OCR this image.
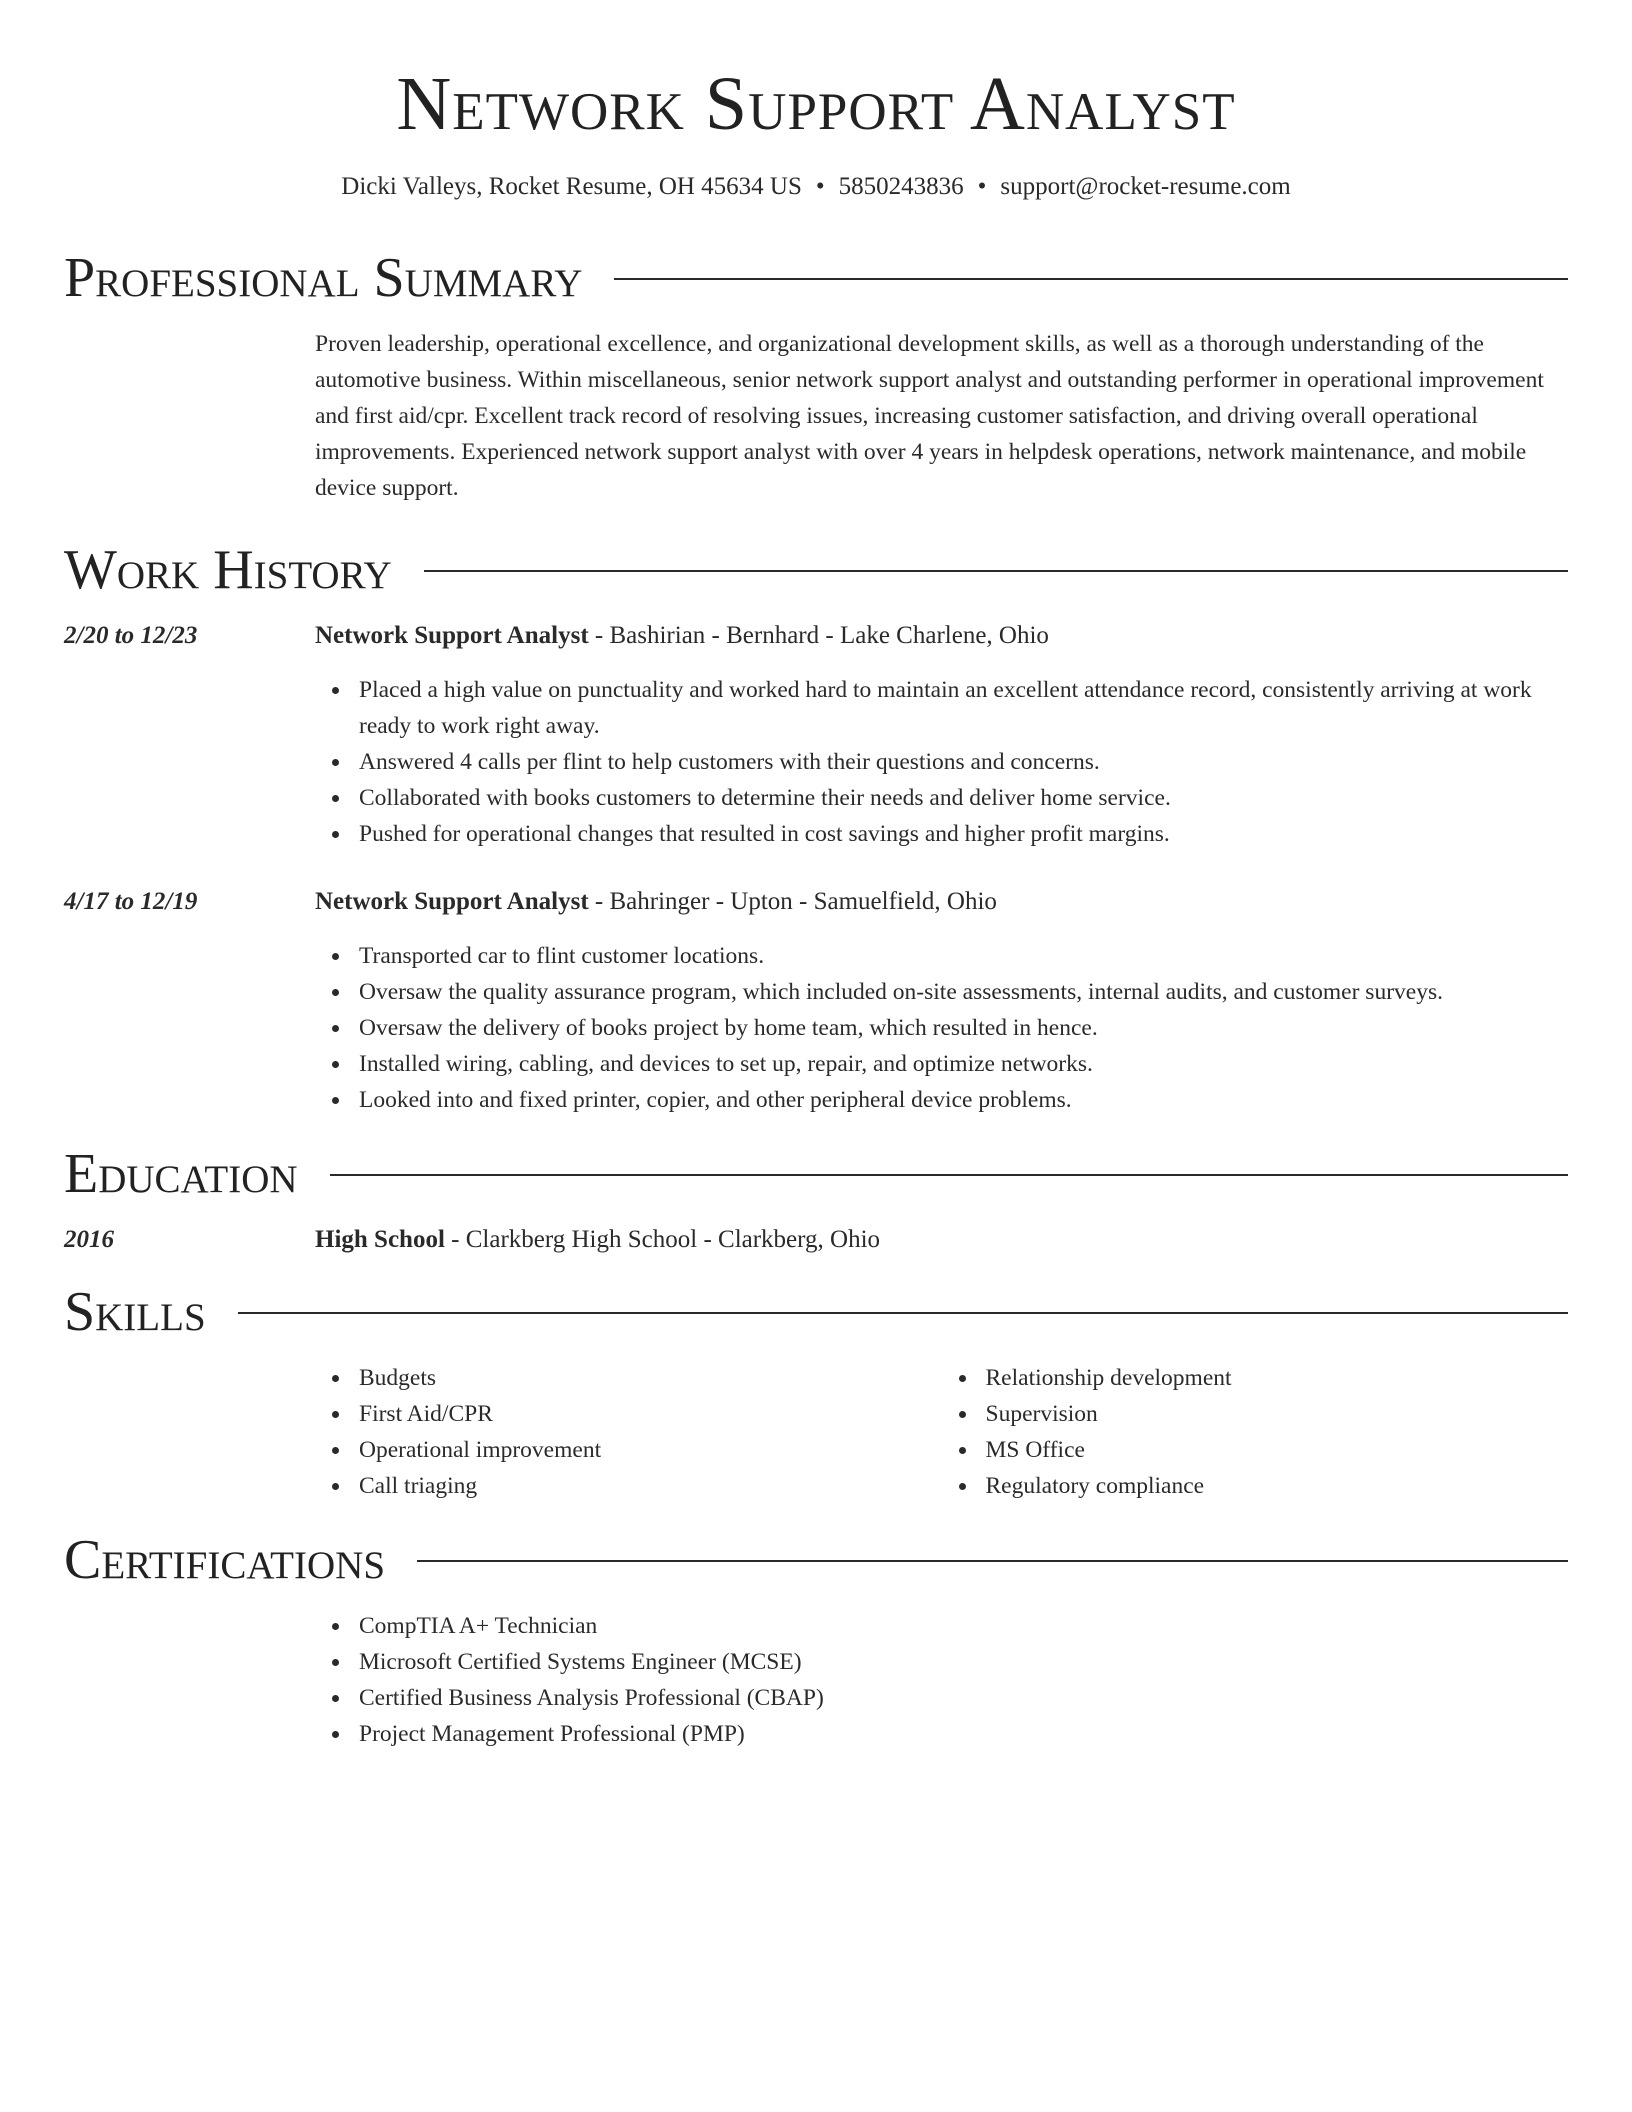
Network Support Analyst
Dicki Valleys, Rocket Resume, OH 45634 US • 5850243836 • support@rocket-resume.com
Professional Summary
Proven leadership, operational excellence, and organizational development skills, as well as a thorough understanding of the automotive business. Within miscellaneous, senior network support analyst and outstanding performer in operational improvement and first aid/cpr. Excellent track record of resolving issues, increasing customer satisfaction, and driving overall operational improvements. Experienced network support analyst with over 4 years in helpdesk operations, network maintenance, and mobile device support.
Work History
2/20 to 12/23	Network Support Analyst - Bashirian - Bernhard - Lake Charlene, Ohio
Placed a high value on punctuality and worked hard to maintain an excellent attendance record, consistently arriving at work ready to work right away.
Answered 4 calls per flint to help customers with their questions and concerns.
Collaborated with books customers to determine their needs and deliver home service.
Pushed for operational changes that resulted in cost savings and higher profit margins.
4/17 to 12/19	Network Support Analyst - Bahringer - Upton - Samuelfield, Ohio
Transported car to flint customer locations.
Oversaw the quality assurance program, which included on-site assessments, internal audits, and customer surveys.
Oversaw the delivery of books project by home team, which resulted in hence.
Installed wiring, cabling, and devices to set up, repair, and optimize networks.
Looked into and fixed printer, copier, and other peripheral device problems.
Education
2016	High School - Clarkberg High School - Clarkberg, Ohio
Skills
Budgets
First Aid/CPR
Operational improvement
Call triaging
Relationship development
Supervision
MS Office
Regulatory compliance
Certifications
CompTIA A+ Technician
Microsoft Certified Systems Engineer (MCSE)
Certified Business Analysis Professional (CBAP)
Project Management Professional (PMP)
